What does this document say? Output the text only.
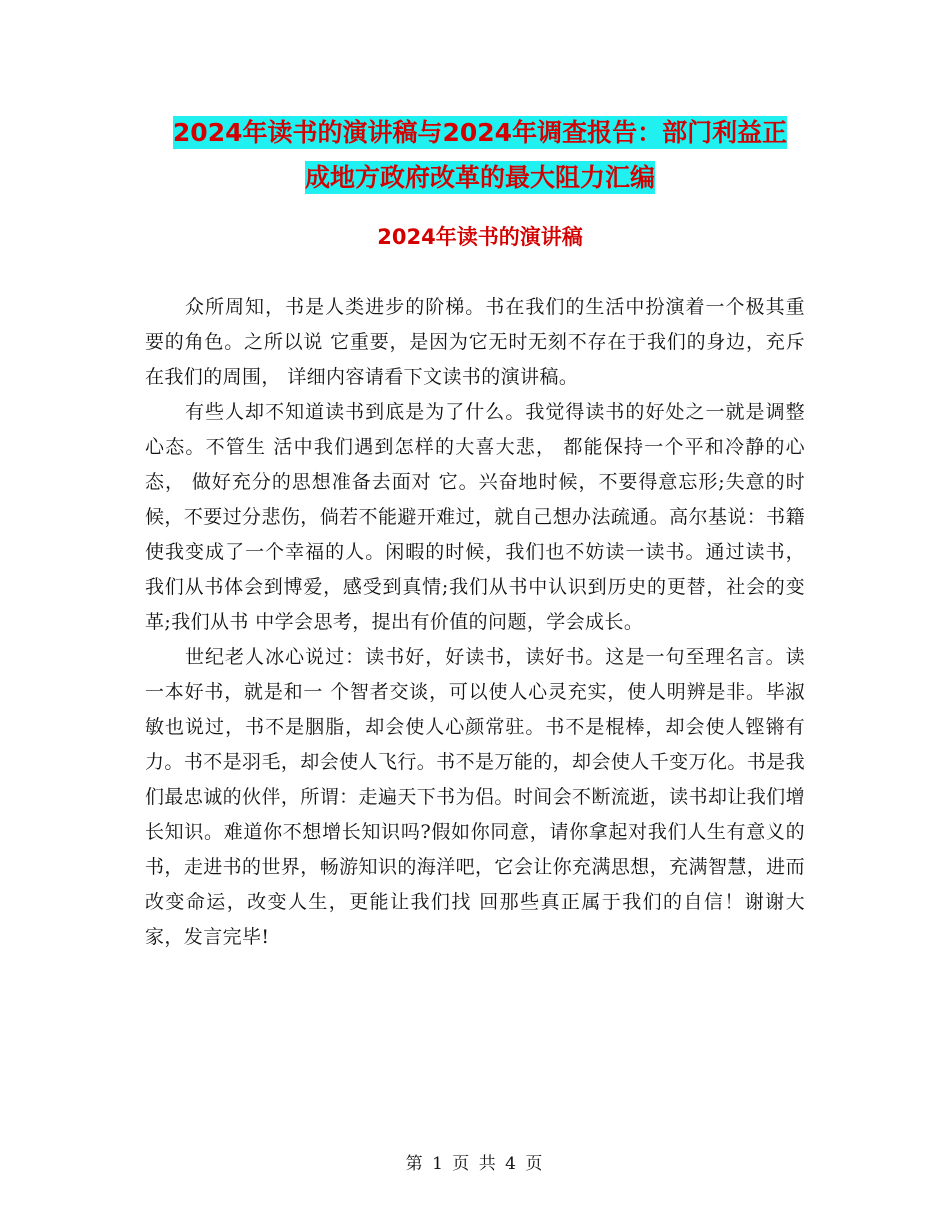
2024年读书的演讲稿与2024年调查报告：部门利益正
成地方政府改革的最大阻力汇编
2024年读书的演讲稿

众所周知，书是人类进步的阶梯。书在我们的生活中扮演着一个极其重要的角色。之所以说 它重要，是因为它无时无刻不存在于我们的身边，充斥在我们的周围， 详细内容请看下文读书的演讲稿。

有些人却不知道读书到底是为了什么。我觉得读书的好处之一就是调整心态。不管生 活中我们遇到怎样的大喜大悲， 都能保持一个平和冷静的心态， 做好充分的思想准备去面对 它。兴奋地时候，不要得意忘形;失意的时候，不要过分悲伤，倘若不能避开难过，就自己想办法疏通。高尔基说：书籍使我变成了一个幸福的人。闲暇的时候，我们也不妨读一读书。通过读书， 我们从书体会到博爱，感受到真情;我们从书中认识到历史的更替，社会的变革;我们从书 中学会思考，提出有价值的问题，学会成长。

世纪老人冰心说过：读书好，好读书，读好书。这是一句至理名言。读一本好书，就是和一 个智者交谈，可以使人心灵充实，使人明辨是非。毕淑敏也说过，书不是胭脂，却会使人心颜常驻。书不是棍棒，却会使人铿锵有力。书不是羽毛，却会使人飞行。书不是万能的，却会使人千变万化。书是我们最忠诚的伙伴，所谓：走遍天下书为侣。时间会不断流逝，读书却让我们增长知识。难道你不想增长知识吗?假如你同意，请你拿起对我们人生有意义的书，走进书的世界，畅游知识的海洋吧，它会让你充满思想，充满智慧，进而改变命运，改变人生，更能让我们找 回那些真正属于我们的自信！谢谢大家，发言完毕!

第 1 页 共 4 页
